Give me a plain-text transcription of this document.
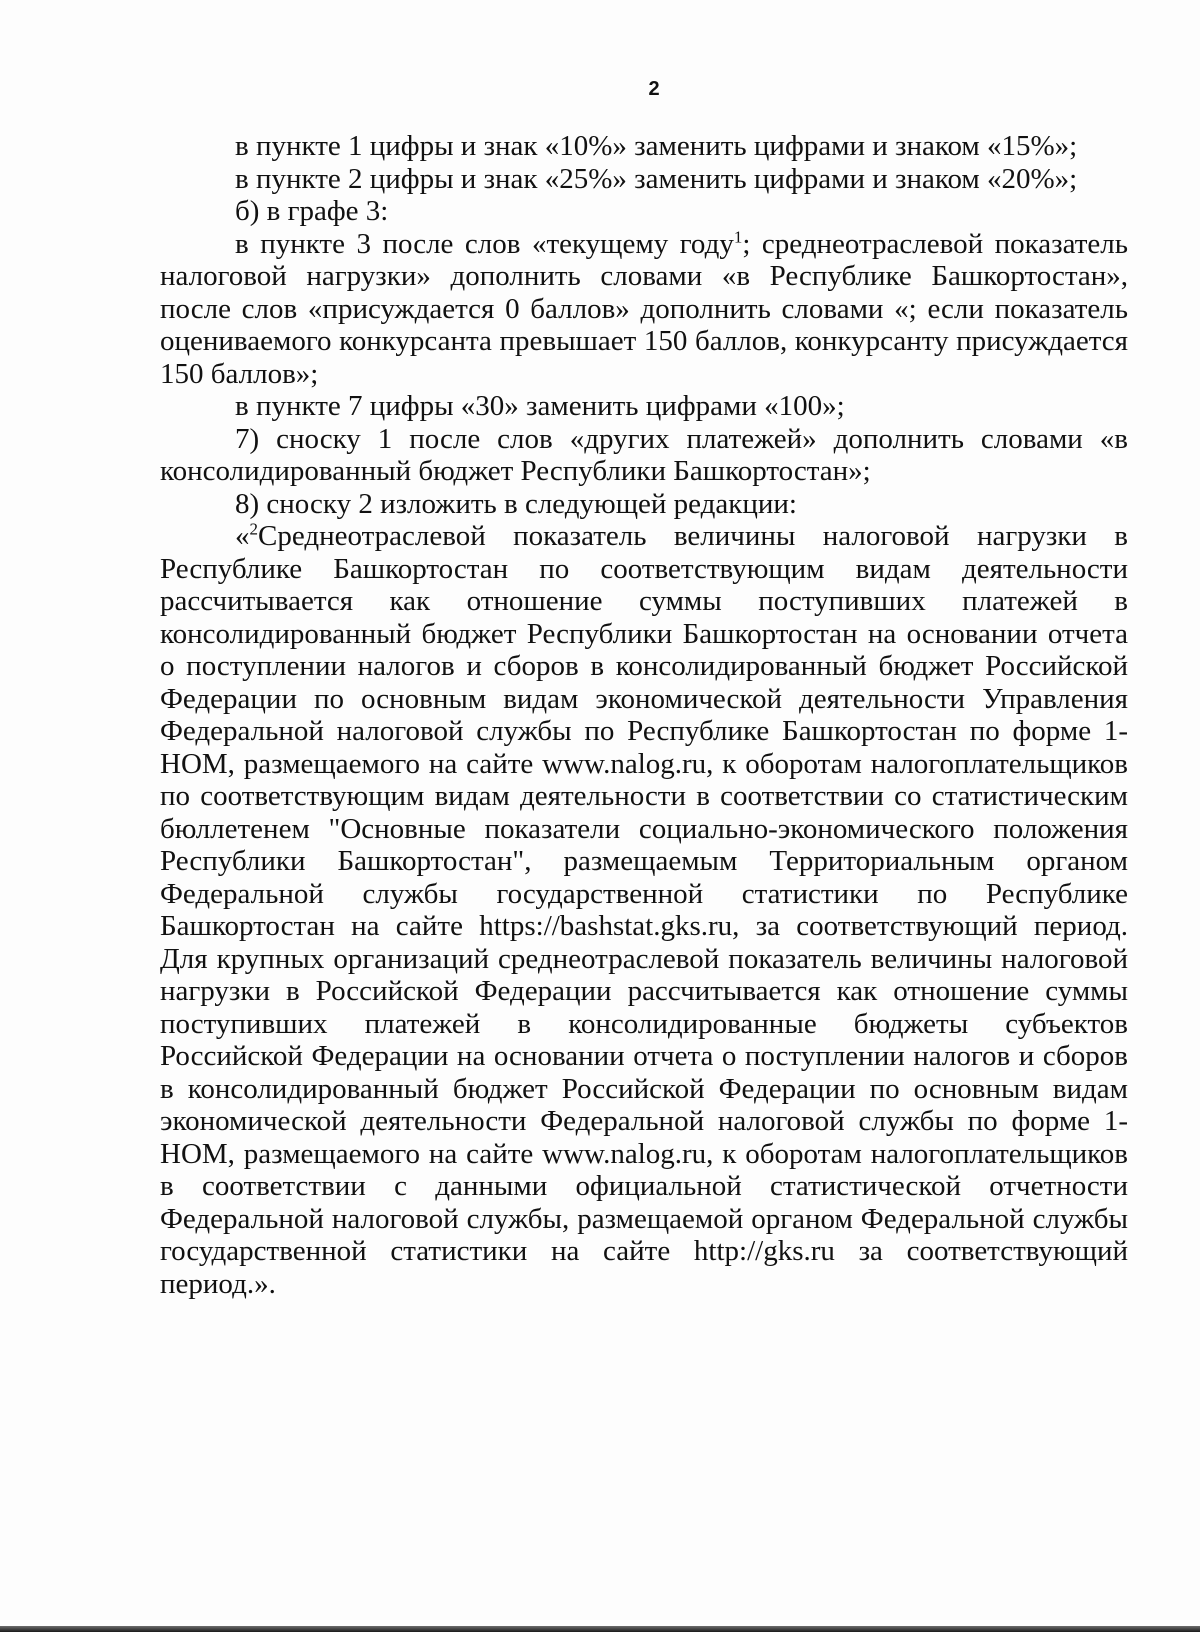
2

в пункте 1 цифры и знак «10%» заменить цифрами и знаком «15%»;

в пункте 2 цифры и знак «25%» заменить цифрами и знаком «20%»;

б) в графе 3:

в пункте 3 после слов «текущему году$^1$; среднеотраслевой показатель налоговой нагрузки» дополнить словами «в Республике Башкортостан», после слов «присуждается 0 баллов» дополнить словами «; если показатель оцениваемого конкурсанта превышает 150 баллов, конкурсанту присуждается 150 баллов»;

в пункте 7 цифры «30» заменить цифрами «100»;

7) сноску 1 после слов «других платежей» дополнить словами «в консолидированный бюджет Республики Башкортостан»;

8) сноску 2 изложить в следующей редакции:

«$^2$Среднеотраслевой показатель величины налоговой нагрузки в Республике Башкортостан по соответствующим видам деятельности рассчитывается как отношение суммы поступивших платежей в консолидированный бюджет Республики Башкортостан на основании отчета о поступлении налогов и сборов в консолидированный бюджет Российской Федерации по основным видам экономической деятельности Управления Федеральной налоговой службы по Республике Башкортостан по форме 1-НОМ, размещаемого на сайте www.nalog.ru, к оборотам налогоплательщиков по соответствующим видам деятельности в соответствии со статистическим бюллетенем "Основные показатели социально-экономического положения Республики Башкортостан", размещаемым Территориальным органом Федеральной службы государственной статистики по Республике Башкортостан на сайте https://bashstat.gks.ru, за соответствующий период. Для крупных организаций среднеотраслевой показатель величины налоговой нагрузки в Российской Федерации рассчитывается как отношение суммы поступивших платежей в консолидированные бюджеты субъектов Российской Федерации на основании отчета о поступлении налогов и сборов в консолидированный бюджет Российской Федерации по основным видам экономической деятельности Федеральной налоговой службы по форме 1-НОМ, размещаемого на сайте www.nalog.ru, к оборотам налогоплательщиков в соответствии с данными официальной статистической отчетности Федеральной налоговой службы, размещаемой органом Федеральной службы государственной статистики на сайте http://gks.ru за соответствующий период.».
